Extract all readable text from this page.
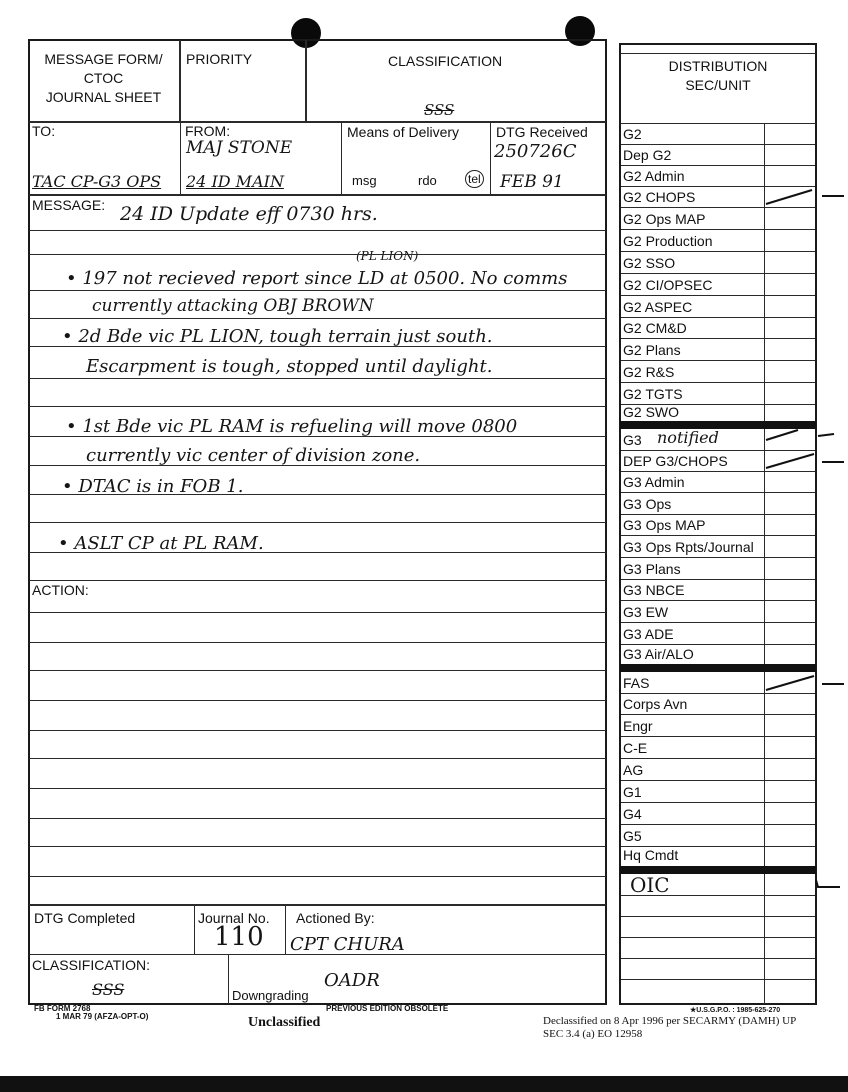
MESSAGE FORM/
CTOC
JOURNAL SHEET
PRIORITY	CLASSIFICATION
SSS
TO:
TAC CP-G3 OPS
FROM:
MAJ STONE
24 ID MAIN
Means of Delivery
msg	rdo	tel
DTG Received
250726C
FEB 91
MESSAGE: 24 ID Update eff 0730 hrs.
(PL LION)
• 197 not recieved report since LD at 0500. No comms
currently attacking OBJ BROWN
• 2d Bde vic PL LION, tough terrain just south.
Escarpment is tough, stopped until daylight.
• 1st Bde vic PL RAM is refueling will move 0800
currently vic center of division zone.
• DTAC is in FOB 1.
• ASLT CP at PL RAM.
ACTION:
DTG Completed	Journal No.
110
Actioned By:
CPT CHURA
CLASSIFICATION:
SSS	Downgrading
OADR
FB FORM 2768
1 MAR 79 (AFZA-OPT-O)
PREVIOUS EDITION OBSOLETE	★U.S.G.P.O. : 1985-625-270
Unclassified	Declassified on 8 Apr 1996 per SECARMY (DAMH) UP
SEC 3.4 (a) EO 12958
DISTRIBUTION
SEC/UNIT
G2
Dep G2
G2 Admin
G2 CHOPS
G2 Ops MAP
G2 Production
G2 SSO
G2 CI/OPSEC
G2 ASPEC
G2 CM&D
G2 Plans
G2 R&S
G2 TGTS
G2 SWO
G3
DEP G3/CHOPS
G3 Admin
G3 Ops
G3 Ops MAP
G3 Ops Rpts/Journal
G3 Plans
G3 NBCE
G3 EW
G3 ADE
G3 Air/ALO
FAS
Corps Avn
Engr
C-E
AG
G1
G4
G5
Hq Cmdt
notified
OIC
